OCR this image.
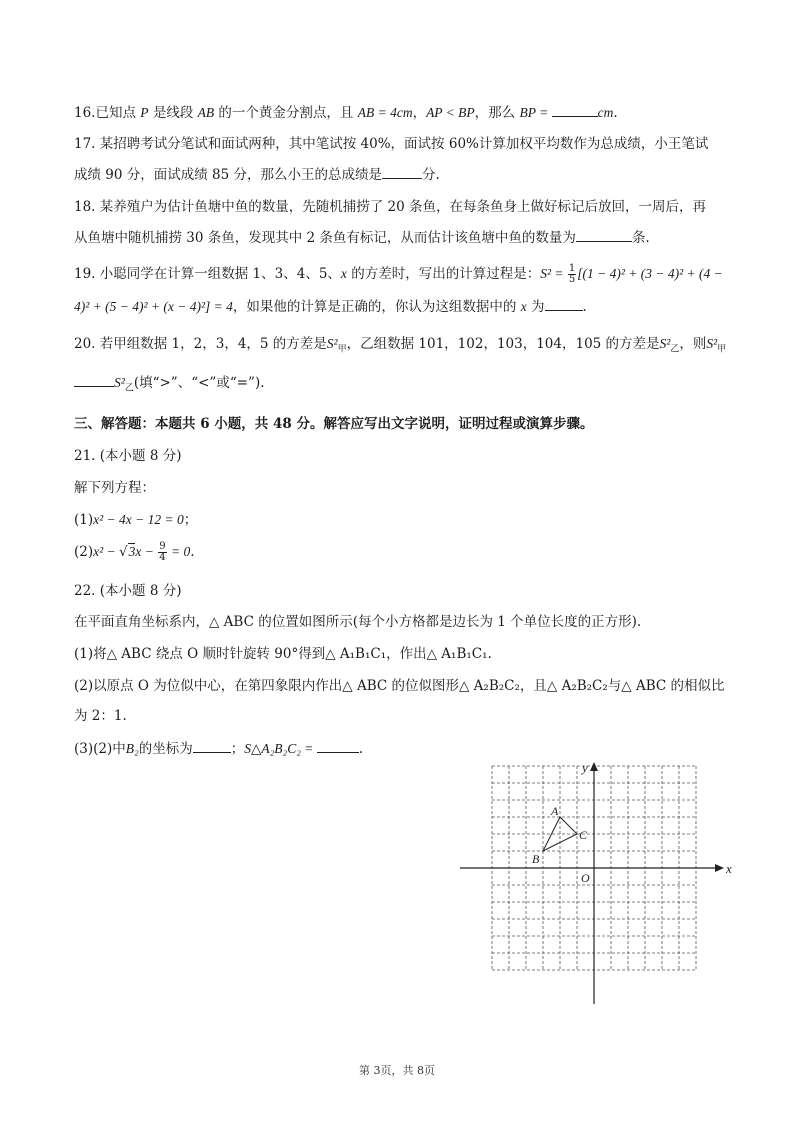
16.已知点 P 是线段 AB 的一个黄金分割点，且 AB = 4cm，AP < BP，那么 BP =	cm.
17. 某招聘考试分笔试和面试两种，其中笔试按 40%，面试按 60%计算加权平均数作为总成绩，小王笔试
成绩 90 分，面试成绩 85 分，那么小王的总成绩是	分.
18. 某养殖户为估计鱼塘中鱼的数量，先随机捕捞了 20 条鱼，在每条鱼身上做好标记后放回，一周后，再
从鱼塘中随机捕捞 30 条鱼，发现其中 2 条鱼有标记，从而估计该鱼塘中鱼的数量为	条.
19. 小聪同学在计算一组数据 1、3、4、5、x 的方差时，写出的计算过程是：$S^2 = \frac{1}{5} [(1 - 4)^2 + (3 - 4)^2 + (4$ −
4)² + (5 − 4)² + (x − 4)²] = 4，如果他的计算是正确的，你认为这组数据中的 x 为	.
20. 若甲组数据 1，2，3，4，5 的方差是$S^2_甲$，乙组数据 101，102，103，104，105 的方差是$S^2_乙$，则$S^2_甲$
$S^2_乙$(填“>”、“<”或“=”).
三、解答题：本题共 6 小题，共 48 分。解答应写出文字说明，证明过程或演算步骤。
21. (本小题 8 分)
解下列方程：
(1)x² − 4x − 12 = 0；
$(2)x^2 - √3x - \frac{9}{4} = 0$.
22. (本小题 8 分)
在平面直角坐标系内，△ ABC 的位置如图所示(每个小方格都是边长为 1 个单位长度的正方形).
(1)将△ ABC 绕点 O 顺时针旋转 90°得到△ A₁B₁C₁，作出△ A₁B₁C₁.
(2)以原点 O 为位似中心，在第四象限内作出△ ABC 的位似图形△ A₂B₂C₂，且△ A₂B₂C₂与△ ABC 的相似比
为 2：1.
(3)(2)中B₂的坐标为	；S△A₂B₂C₂ =	.
x
y
O
A
B
C
第 3页，共 8页
